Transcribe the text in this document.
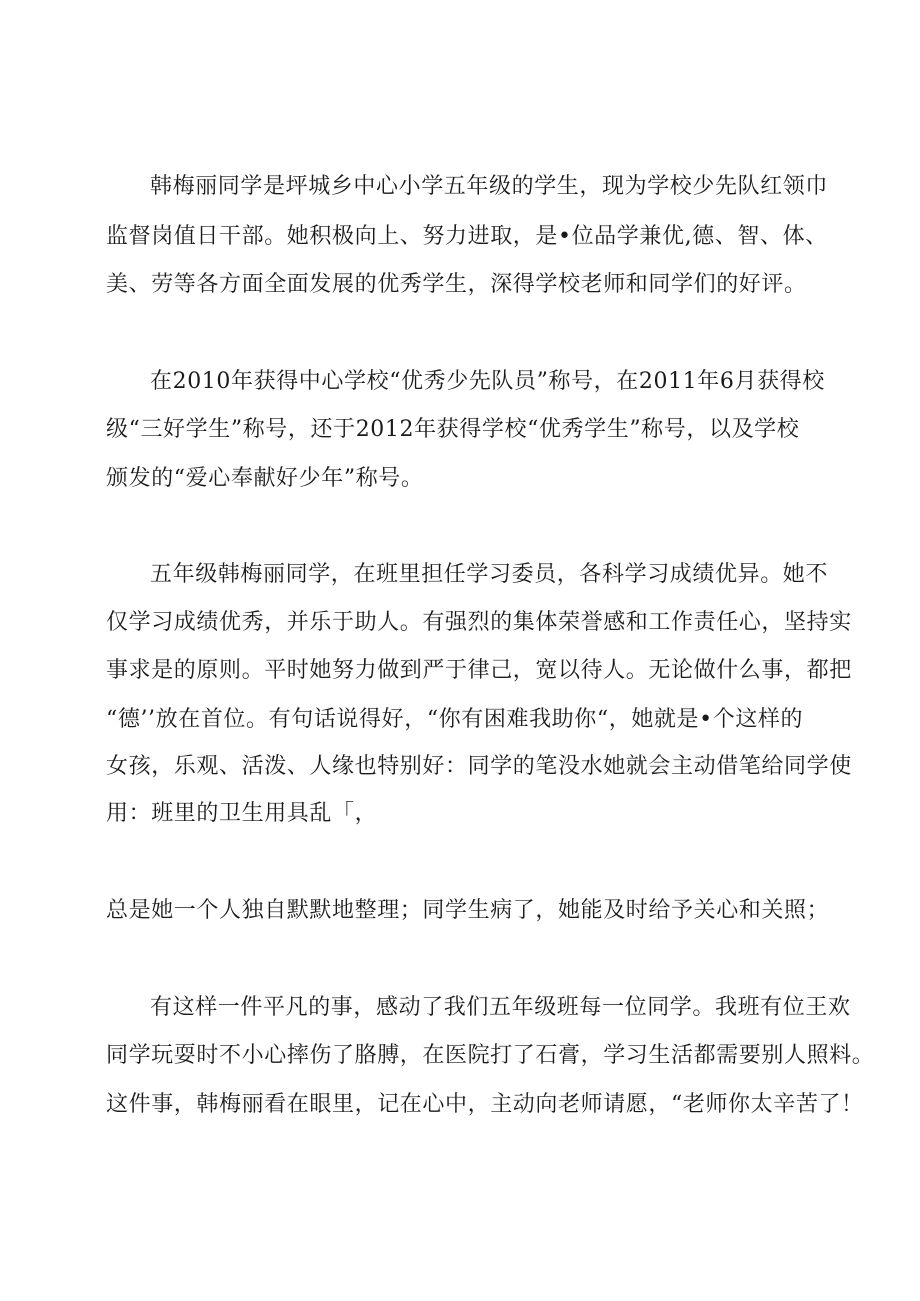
韩梅丽同学是坪城乡中心小学五年级的学生，现为学校少先队红领巾

监督岗值日干部。她积极向上、努力进取，是•位品学兼优,德、智、体、

美、劳等各方面全面发展的优秀学生，深得学校老师和同学们的好评。

在2010年获得中心学校“优秀少先队员”称号，在2011年6月获得校

级“三好学生”称号，还于2012年获得学校“优秀学生”称号，以及学校

颁发的“爱心奉献好少年”称号。

五年级韩梅丽同学，在班里担任学习委员，各科学习成绩优异。她不

仅学习成绩优秀，并乐于助人。有强烈的集体荣誉感和工作责任心，坚持实

事求是的原则。平时她努力做到严于律己，宽以待人。无论做什么事，都把

“德’’放在首位。有句话说得好，“你有困难我助你“，她就是•个这样的

女孩，乐观、活泼、人缘也特别好：同学的笔没水她就会主动借笔给同学使

用：班里的卫生用具乱「，

总是她一个人独自默默地整理；同学生病了，她能及时给予关心和关照；

有这样一件平凡的事，感动了我们五年级班每一位同学。我班有位王欢

同学玩耍时不小心摔伤了胳膊，在医院打了石膏，学习生活都需要别人照料。

这件事，韩梅丽看在眼里，记在心中，主动向老师请愿，“老师你太辛苦了！
